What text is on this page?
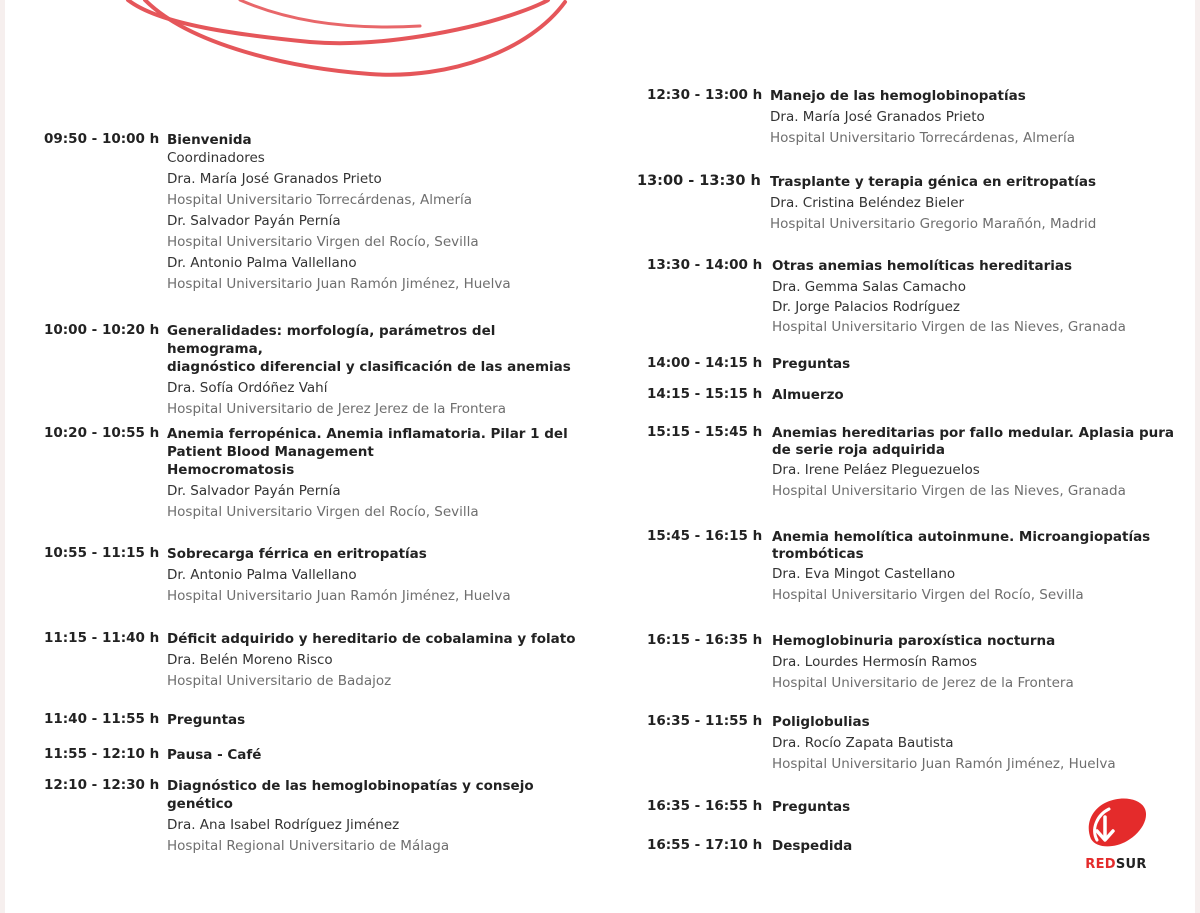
09:50 - 10:00 h Bienvenida
Coordinadores
Dra. María José Granados Prieto
Hospital Universitario Torrecárdenas, Almería
Dr. Salvador Payán Pernía
Hospital Universitario Virgen del Rocío, Sevilla
Dr. Antonio Palma Vallellano
Hospital Universitario Juan Ramón Jiménez, Huelva
10:00 - 10:20 h Generalidades: morfología, parámetros del hemograma,
diagnóstico diferencial y clasificación de las anemias
Dra. Sofía Ordóñez Vahí
Hospital Universitario de Jerez Jerez de la Frontera
10:20 - 10:55 h Anemia ferropénica. Anemia inflamatoria. Pilar 1 del
Patient Blood Management
Hemocromatosis
Dr. Salvador Payán Pernía
Hospital Universitario Virgen del Rocío, Sevilla
10:55 - 11:15 h Sobrecarga férrica en eritropatías
Dr. Antonio Palma Vallellano
Hospital Universitario Juan Ramón Jiménez, Huelva
11:15 - 11:40 h Déficit adquirido y hereditario de cobalamina y folato
Dra. Belén Moreno Risco
Hospital Universitario de Badajoz
11:40 - 11:55 h Preguntas
11:55 - 12:10 h Pausa - Café
12:10 - 12:30 h Diagnóstico de las hemoglobinopatías y consejo
genético
Dra. Ana Isabel Rodríguez Jiménez
Hospital Regional Universitario de Málaga
12:30 - 13:00 h Manejo de las hemoglobinopatías
Dra. María José Granados Prieto
Hospital Universitario Torrecárdenas, Almería
13:00 - 13:30 h Trasplante y terapia génica en eritropatías
Dra. Cristina Beléndez Bieler
Hospital Universitario Gregorio Marañón, Madrid
13:30 - 14:00 h Otras anemias hemolíticas hereditarias
Dra. Gemma Salas Camacho
Dr. Jorge Palacios Rodríguez
Hospital Universitario Virgen de las Nieves, Granada
14:00 - 14:15 h Preguntas
14:15 - 15:15 h Almuerzo
15:15 - 15:45 h Anemias hereditarias por fallo medular. Aplasia pura
de serie roja adquirida
Dra. Irene Peláez Pleguezuelos
Hospital Universitario Virgen de las Nieves, Granada
15:45 - 16:15 h Anemia hemolítica autoinmune. Microangiopatías
trombóticas
Dra. Eva Mingot Castellano
Hospital Universitario Virgen del Rocío, Sevilla
16:15 - 16:35 h Hemoglobinuria paroxística nocturna
Dra. Lourdes Hermosín Ramos
Hospital Universitario de Jerez de la Frontera
16:35 - 11:55 h Poliglobulias
Dra. Rocío Zapata Bautista
Hospital Universitario Juan Ramón Jiménez, Huelva
16:35 - 16:55 h Preguntas
16:55 - 17:10 h Despedida
REDSUR
